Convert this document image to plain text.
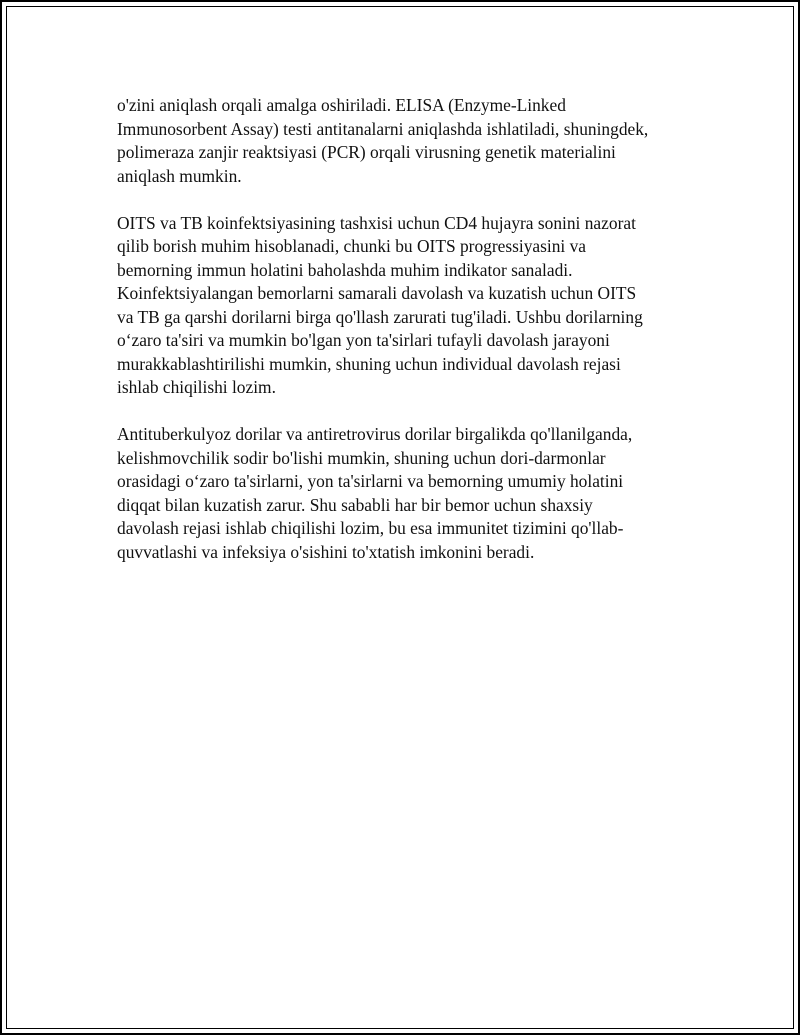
o'zini aniqlash orqali amalga oshiriladi. ELISA (Enzyme-Linked
Immunosorbent Assay) testi antitanalarni aniqlashda ishlatiladi, shuningdek,
polimeraza zanjir reaktsiyasi (PCR) orqali virusning genetik materialini
aniqlash mumkin.
OITS va TB koinfektsiyasining tashxisi uchun CD4 hujayra sonini nazorat
qilib borish muhim hisoblanadi, chunki bu OITS progressiyasini va
bemorning immun holatini baholashda muhim indikator sanaladi.
Koinfektsiyalangan bemorlarni samarali davolash va kuzatish uchun OITS
va TB ga qarshi dorilarni birga qo'llash zarurati tug'iladi. Ushbu dorilarning
o‘zaro ta'siri va mumkin bo'lgan yon ta'sirlari tufayli davolash jarayoni
murakkablashtirilishi mumkin, shuning uchun individual davolash rejasi
ishlab chiqilishi lozim.
Antituberkulyoz dorilar va antiretrovirus dorilar birgalikda qo'llanilganda,
kelishmovchilik sodir bo'lishi mumkin, shuning uchun dori-darmonlar
orasidagi o‘zaro ta'sirlarni, yon ta'sirlarni va bemorning umumiy holatini
diqqat bilan kuzatish zarur. Shu sababli har bir bemor uchun shaxsiy
davolash rejasi ishlab chiqilishi lozim, bu esa immunitet tizimini qo'llab-
quvvatlashi va infeksiya o'sishini to'xtatish imkonini beradi.
